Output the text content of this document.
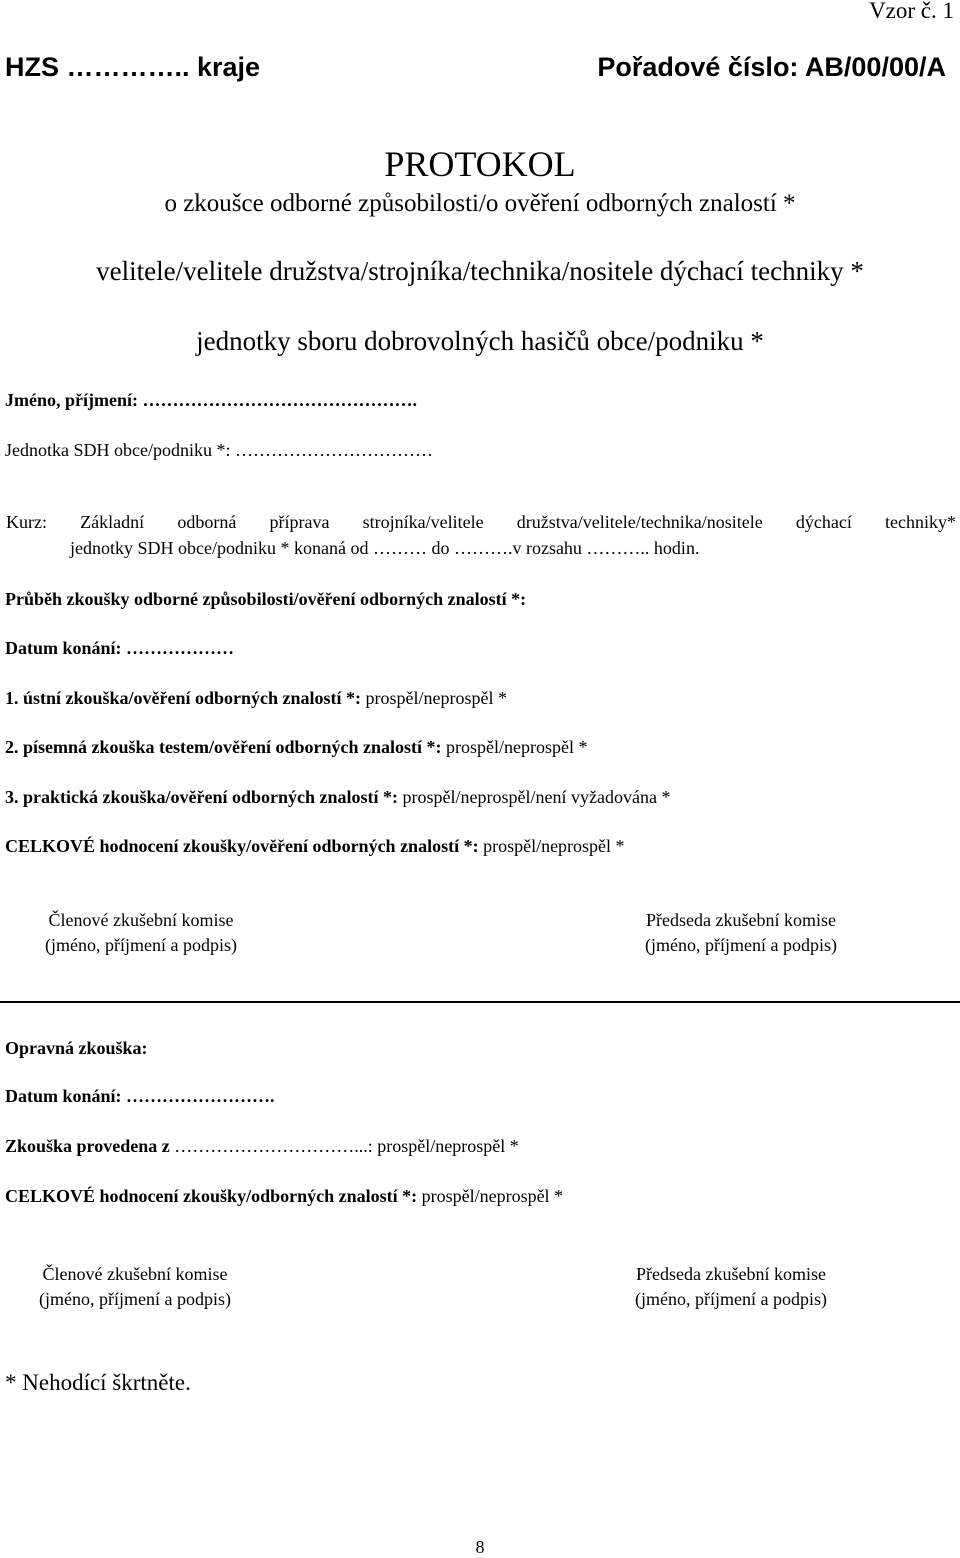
Vzor č. 1
HZS ………….. kraje	Pořadové číslo: AB/00/00/A
PROTOKOL
o zkoušce odborné způsobilosti/o ověření odborných znalostí *
velitele/velitele družstva/strojníka/technika/nositele dýchací techniky *
jednotky sboru dobrovolných hasičů obce/podniku *
Jméno, příjmení: ……………………………………….
Jednotka SDH obce/podniku *: ……………………………
Kurz: Základní odborná příprava strojníka/velitele družstva/velitele/technika/nositele dýchací techniky*
jednotky SDH obce/podniku * konaná od ……… do ……….v rozsahu ……….. hodin.
Průběh zkoušky odborné způsobilosti/ověření odborných znalostí *:
Datum konání: ………………
1. ústní zkouška/ověření odborných znalostí *: prospěl/neprospěl *
2. písemná zkouška testem/ověření odborných znalostí *: prospěl/neprospěl *
3. praktická zkouška/ověření odborných znalostí *: prospěl/neprospěl/není vyžadována *
CELKOVÉ hodnocení zkoušky/ověření odborných znalostí *: prospěl/neprospěl *
Členové zkušební komise
(jméno, příjmení a podpis)
Předseda zkušební komise
(jméno, příjmení a podpis)
Opravná zkouška:
Datum konání: …………………….
Zkouška provedena z …………………………...: prospěl/neprospěl *
CELKOVÉ hodnocení zkoušky/odborných znalostí *: prospěl/neprospěl *
Členové zkušební komise
(jméno, příjmení a podpis)
Předseda zkušební komise
(jméno, příjmení a podpis)
* Nehodící škrtněte.
8
